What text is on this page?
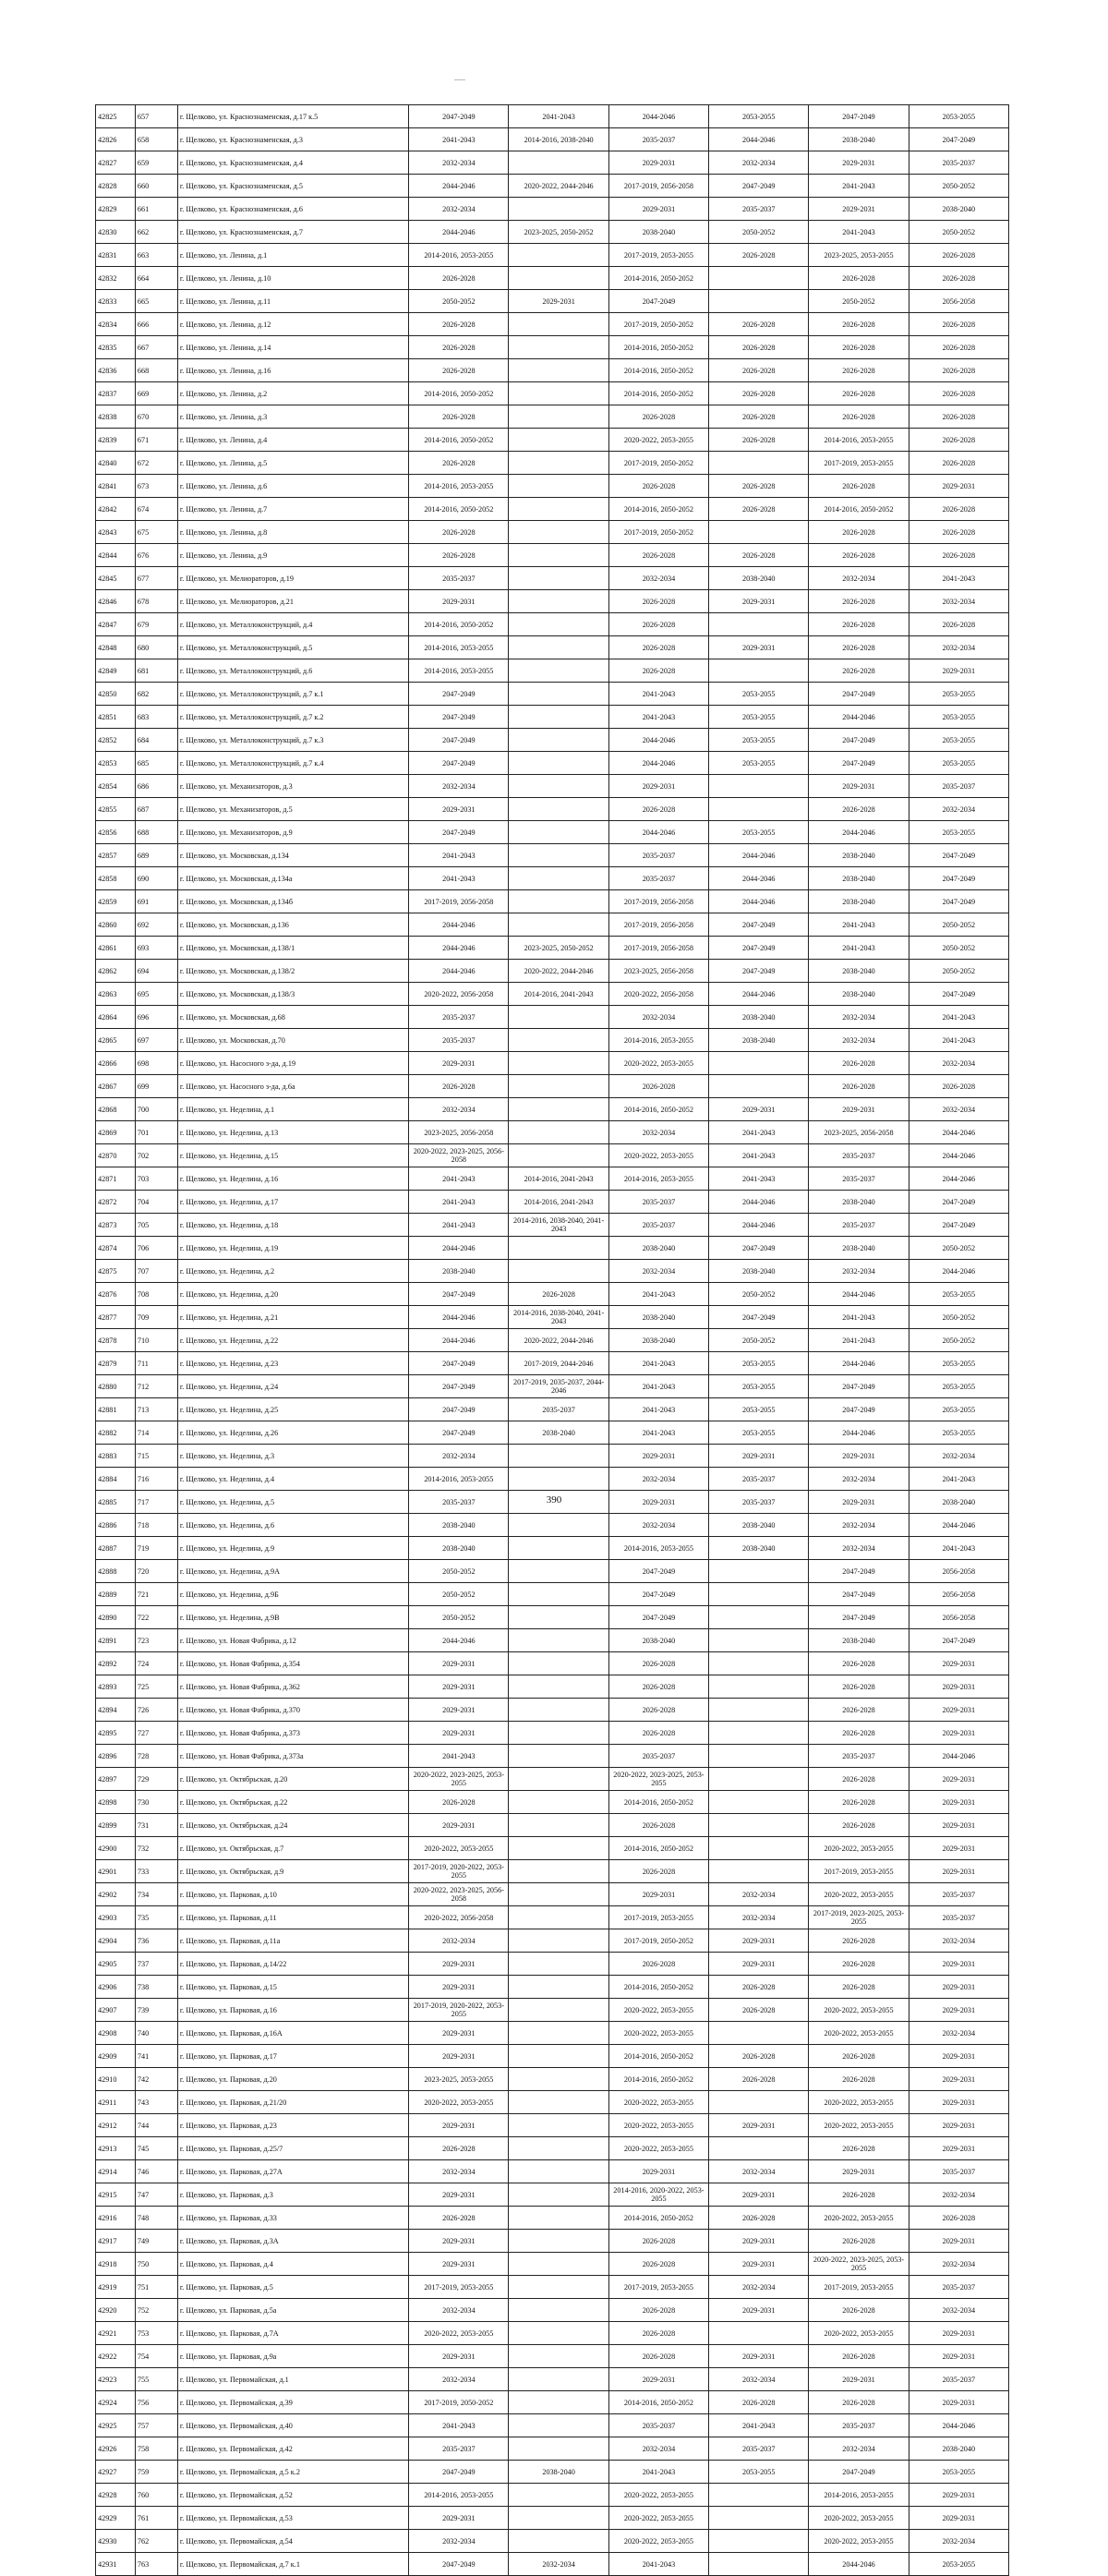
42825	657	г. Щелково, ул. Краснознаменская, д.17 к.5	2047-2049	2041-2043	2044-2046	2053-2055	2047-2049	2053-2055
42826	658	г. Щелково, ул. Краснознаменская, д.3	2041-2043	2014-2016, 2038-2040	2035-2037	2044-2046	2038-2040	2047-2049
42827	659	г. Щелково, ул. Краснознаменская, д.4	2032-2034		2029-2031	2032-2034	2029-2031	2035-2037
42828	660	г. Щелково, ул. Краснознаменская, д.5	2044-2046	2020-2022, 2044-2046	2017-2019, 2056-2058	2047-2049	2041-2043	2050-2052
42829	661	г. Щелково, ул. Краснознаменская, д.6	2032-2034		2029-2031	2035-2037	2029-2031	2038-2040
42830	662	г. Щелково, ул. Краснознаменская, д.7	2044-2046	2023-2025, 2050-2052	2038-2040	2050-2052	2041-2043	2050-2052
42831	663	г. Щелково, ул. Ленина, д.1	2014-2016, 2053-2055		2017-2019, 2053-2055	2026-2028	2023-2025, 2053-2055	2026-2028
42832	664	г. Щелково, ул. Ленина, д.10	2026-2028		2014-2016, 2050-2052		2026-2028	2026-2028
42833	665	г. Щелково, ул. Ленина, д.11	2050-2052	2029-2031	2047-2049		2050-2052	2056-2058
42834	666	г. Щелково, ул. Ленина, д.12	2026-2028		2017-2019, 2050-2052	2026-2028	2026-2028	2026-2028
42835	667	г. Щелково, ул. Ленина, д.14	2026-2028		2014-2016, 2050-2052	2026-2028	2026-2028	2026-2028
42836	668	г. Щелково, ул. Ленина, д.16	2026-2028		2014-2016, 2050-2052	2026-2028	2026-2028	2026-2028
42837	669	г. Щелково, ул. Ленина, д.2	2014-2016, 2050-2052		2014-2016, 2050-2052	2026-2028	2026-2028	2026-2028
42838	670	г. Щелково, ул. Ленина, д.3	2026-2028		2026-2028	2026-2028	2026-2028	2026-2028
42839	671	г. Щелково, ул. Ленина, д.4	2014-2016, 2050-2052		2020-2022, 2053-2055	2026-2028	2014-2016, 2053-2055	2026-2028
42840	672	г. Щелково, ул. Ленина, д.5	2026-2028		2017-2019, 2050-2052		2017-2019, 2053-2055	2026-2028
42841	673	г. Щелково, ул. Ленина, д.6	2014-2016, 2053-2055		2026-2028	2026-2028	2026-2028	2029-2031
42842	674	г. Щелково, ул. Ленина, д.7	2014-2016, 2050-2052		2014-2016, 2050-2052	2026-2028	2014-2016, 2050-2052	2026-2028
42843	675	г. Щелково, ул. Ленина, д.8	2026-2028		2017-2019, 2050-2052		2026-2028	2026-2028
42844	676	г. Щелково, ул. Ленина, д.9	2026-2028		2026-2028	2026-2028	2026-2028	2026-2028
42845	677	г. Щелково, ул. Мелиораторов, д.19	2035-2037		2032-2034	2038-2040	2032-2034	2041-2043
42846	678	г. Щелково, ул. Мелиораторов, д.21	2029-2031		2026-2028	2029-2031	2026-2028	2032-2034
42847	679	г. Щелково, ул. Металлоконструкций, д.4	2014-2016, 2050-2052		2026-2028		2026-2028	2026-2028
42848	680	г. Щелково, ул. Металлоконструкций, д.5	2014-2016, 2053-2055		2026-2028	2029-2031	2026-2028	2032-2034
42849	681	г. Щелково, ул. Металлоконструкций, д.6	2014-2016, 2053-2055		2026-2028		2026-2028	2029-2031
42850	682	г. Щелково, ул. Металлоконструкций, д.7 к.1	2047-2049		2041-2043	2053-2055	2047-2049	2053-2055
42851	683	г. Щелково, ул. Металлоконструкций, д.7 к.2	2047-2049		2041-2043	2053-2055	2044-2046	2053-2055
42852	684	г. Щелково, ул. Металлоконструкций, д.7 к.3	2047-2049		2044-2046	2053-2055	2047-2049	2053-2055
42853	685	г. Щелково, ул. Металлоконструкций, д.7 к.4	2047-2049		2044-2046	2053-2055	2047-2049	2053-2055
42854	686	г. Щелково, ул. Механизаторов, д.3	2032-2034		2029-2031		2029-2031	2035-2037
42855	687	г. Щелково, ул. Механизаторов, д.5	2029-2031		2026-2028		2026-2028	2032-2034
42856	688	г. Щелково, ул. Механизаторов, д.9	2047-2049		2044-2046	2053-2055	2044-2046	2053-2055
42857	689	г. Щелково, ул. Московская, д.134	2041-2043		2035-2037	2044-2046	2038-2040	2047-2049
42858	690	г. Щелково, ул. Московская, д.134а	2041-2043		2035-2037	2044-2046	2038-2040	2047-2049
42859	691	г. Щелково, ул. Московская, д.134б	2017-2019, 2056-2058		2017-2019, 2056-2058	2044-2046	2038-2040	2047-2049
42860	692	г. Щелково, ул. Московская, д.136	2044-2046		2017-2019, 2056-2058	2047-2049	2041-2043	2050-2052
42861	693	г. Щелково, ул. Московская, д.138/1	2044-2046	2023-2025, 2050-2052	2017-2019, 2056-2058	2047-2049	2041-2043	2050-2052
42862	694	г. Щелково, ул. Московская, д.138/2	2044-2046	2020-2022, 2044-2046	2023-2025, 2056-2058	2047-2049	2038-2040	2050-2052
42863	695	г. Щелково, ул. Московская, д.138/3	2020-2022, 2056-2058	2014-2016, 2041-2043	2020-2022, 2056-2058	2044-2046	2038-2040	2047-2049
42864	696	г. Щелково, ул. Московская, д.68	2035-2037		2032-2034	2038-2040	2032-2034	2041-2043
42865	697	г. Щелково, ул. Московская, д.70	2035-2037		2014-2016, 2053-2055	2038-2040	2032-2034	2041-2043
42866	698	г. Щелково, ул. Насосного з-да, д.19	2029-2031		2020-2022, 2053-2055		2026-2028	2032-2034
42867	699	г. Щелково, ул. Насосного з-да, д.6а	2026-2028		2026-2028		2026-2028	2026-2028
42868	700	г. Щелково, ул. Неделина, д.1	2032-2034		2014-2016, 2050-2052	2029-2031	2029-2031	2032-2034
42869	701	г. Щелково, ул. Неделина, д.13	2023-2025, 2056-2058		2032-2034	2041-2043	2023-2025, 2056-2058	2044-2046
42870	702	г. Щелково, ул. Неделина, д.15	2020-2022, 2023-2025, 2056-2058		2020-2022, 2053-2055	2041-2043	2035-2037	2044-2046
42871	703	г. Щелково, ул. Неделина, д.16	2041-2043	2014-2016, 2041-2043	2014-2016, 2053-2055	2041-2043	2035-2037	2044-2046
42872	704	г. Щелково, ул. Неделина, д.17	2041-2043	2014-2016, 2041-2043	2035-2037	2044-2046	2038-2040	2047-2049
42873	705	г. Щелково, ул. Неделина, д.18	2041-2043	2014-2016, 2038-2040, 2041-2043	2035-2037	2044-2046	2035-2037	2047-2049
42874	706	г. Щелково, ул. Неделина, д.19	2044-2046		2038-2040	2047-2049	2038-2040	2050-2052
42875	707	г. Щелково, ул. Неделина, д.2	2038-2040		2032-2034	2038-2040	2032-2034	2044-2046
42876	708	г. Щелково, ул. Неделина, д.20	2047-2049	2026-2028	2041-2043	2050-2052	2044-2046	2053-2055
42877	709	г. Щелково, ул. Неделина, д.21	2044-2046	2014-2016, 2038-2040, 2041-2043	2038-2040	2047-2049	2041-2043	2050-2052
42878	710	г. Щелково, ул. Неделина, д.22	2044-2046	2020-2022, 2044-2046	2038-2040	2050-2052	2041-2043	2050-2052
42879	711	г. Щелково, ул. Неделина, д.23	2047-2049	2017-2019, 2044-2046	2041-2043	2053-2055	2044-2046	2053-2055
42880	712	г. Щелково, ул. Неделина, д.24	2047-2049	2017-2019, 2035-2037, 2044-2046	2041-2043	2053-2055	2047-2049	2053-2055
42881	713	г. Щелково, ул. Неделина, д.25	2047-2049	2035-2037	2041-2043	2053-2055	2047-2049	2053-2055
42882	714	г. Щелково, ул. Неделина, д.26	2047-2049	2038-2040	2041-2043	2053-2055	2044-2046	2053-2055
42883	715	г. Щелково, ул. Неделина, д.3	2032-2034		2029-2031	2029-2031	2029-2031	2032-2034
42884	716	г. Щелково, ул. Неделина, д.4	2014-2016, 2053-2055		2032-2034	2035-2037	2032-2034	2041-2043
42885	717	г. Щелково, ул. Неделина, д.5	2035-2037		2029-2031	2035-2037	2029-2031	2038-2040
42886	718	г. Щелково, ул. Неделина, д.6	2038-2040		2032-2034	2038-2040	2032-2034	2044-2046
42887	719	г. Щелково, ул. Неделина, д.9	2038-2040		2014-2016, 2053-2055	2038-2040	2032-2034	2041-2043
42888	720	г. Щелково, ул. Неделина, д.9А	2050-2052		2047-2049		2047-2049	2056-2058
42889	721	г. Щелково, ул. Неделина, д.9Б	2050-2052		2047-2049		2047-2049	2056-2058
42890	722	г. Щелково, ул. Неделина, д.9В	2050-2052		2047-2049		2047-2049	2056-2058
42891	723	г. Щелково, ул. Новая Фабрика, д.12	2044-2046		2038-2040		2038-2040	2047-2049
42892	724	г. Щелково, ул. Новая Фабрика, д.354	2029-2031		2026-2028		2026-2028	2029-2031
42893	725	г. Щелково, ул. Новая Фабрика, д.362	2029-2031		2026-2028		2026-2028	2029-2031
42894	726	г. Щелково, ул. Новая Фабрика, д.370	2029-2031		2026-2028		2026-2028	2029-2031
42895	727	г. Щелково, ул. Новая Фабрика, д.373	2029-2031		2026-2028		2026-2028	2029-2031
42896	728	г. Щелково, ул. Новая Фабрика, д.373а	2041-2043		2035-2037		2035-2037	2044-2046
42897	729	г. Щелково, ул. Октябрьская, д.20	2020-2022, 2023-2025, 2053-2055		2020-2022, 2023-2025, 2053-2055		2026-2028	2029-2031
42898	730	г. Щелково, ул. Октябрьская, д.22	2026-2028		2014-2016, 2050-2052		2026-2028	2029-2031
42899	731	г. Щелково, ул. Октябрьская, д.24	2029-2031		2026-2028		2026-2028	2029-2031
42900	732	г. Щелково, ул. Октябрьская, д.7	2020-2022, 2053-2055		2014-2016, 2050-2052		2020-2022, 2053-2055	2029-2031
42901	733	г. Щелково, ул. Октябрьская, д.9	2017-2019, 2020-2022, 2053-2055		2026-2028		2017-2019, 2053-2055	2029-2031
42902	734	г. Щелково, ул. Парковая, д.10	2020-2022, 2023-2025, 2056-2058		2029-2031	2032-2034	2020-2022, 2053-2055	2035-2037
42903	735	г. Щелково, ул. Парковая, д.11	2020-2022, 2056-2058		2017-2019, 2053-2055	2032-2034	2017-2019, 2023-2025, 2053-2055	2035-2037
42904	736	г. Щелково, ул. Парковая, д.11а	2032-2034		2017-2019, 2050-2052	2029-2031	2026-2028	2032-2034
42905	737	г. Щелково, ул. Парковая, д.14/22	2029-2031		2026-2028	2029-2031	2026-2028	2029-2031
42906	738	г. Щелково, ул. Парковая, д.15	2029-2031		2014-2016, 2050-2052	2026-2028	2026-2028	2029-2031
42907	739	г. Щелково, ул. Парковая, д.16	2017-2019, 2020-2022, 2053-2055		2020-2022, 2053-2055	2026-2028	2020-2022, 2053-2055	2029-2031
42908	740	г. Щелково, ул. Парковая, д.16А	2029-2031		2020-2022, 2053-2055		2020-2022, 2053-2055	2032-2034
42909	741	г. Щелково, ул. Парковая, д.17	2029-2031		2014-2016, 2050-2052	2026-2028	2026-2028	2029-2031
42910	742	г. Щелково, ул. Парковая, д.20	2023-2025, 2053-2055		2014-2016, 2050-2052	2026-2028	2026-2028	2029-2031
42911	743	г. Щелково, ул. Парковая, д.21/20	2020-2022, 2053-2055		2020-2022, 2053-2055		2020-2022, 2053-2055	2029-2031
42912	744	г. Щелково, ул. Парковая, д.23	2029-2031		2020-2022, 2053-2055	2029-2031	2020-2022, 2053-2055	2029-2031
42913	745	г. Щелково, ул. Парковая, д.25/7	2026-2028		2020-2022, 2053-2055		2026-2028	2029-2031
42914	746	г. Щелково, ул. Парковая, д.27А	2032-2034		2029-2031	2032-2034	2029-2031	2035-2037
42915	747	г. Щелково, ул. Парковая, д.3	2029-2031		2014-2016, 2020-2022, 2053-2055	2029-2031	2026-2028	2032-2034
42916	748	г. Щелково, ул. Парковая, д.33	2026-2028		2014-2016, 2050-2052	2026-2028	2020-2022, 2053-2055	2026-2028
42917	749	г. Щелково, ул. Парковая, д.3А	2029-2031		2026-2028	2029-2031	2026-2028	2029-2031
42918	750	г. Щелково, ул. Парковая, д.4	2029-2031		2026-2028	2029-2031	2020-2022, 2023-2025, 2053-2055	2032-2034
42919	751	г. Щелково, ул. Парковая, д.5	2017-2019, 2053-2055		2017-2019, 2053-2055	2032-2034	2017-2019, 2053-2055	2035-2037
42920	752	г. Щелково, ул. Парковая, д.5а	2032-2034		2026-2028	2029-2031	2026-2028	2032-2034
42921	753	г. Щелково, ул. Парковая, д.7А	2020-2022, 2053-2055		2026-2028		2020-2022, 2053-2055	2029-2031
42922	754	г. Щелково, ул. Парковая, д.9а	2029-2031		2026-2028	2029-2031	2026-2028	2029-2031
42923	755	г. Щелково, ул. Первомайская, д.1	2032-2034		2029-2031	2032-2034	2029-2031	2035-2037
42924	756	г. Щелково, ул. Первомайская, д.39	2017-2019, 2050-2052		2014-2016, 2050-2052	2026-2028	2026-2028	2029-2031
42925	757	г. Щелково, ул. Первомайская, д.40	2041-2043		2035-2037	2041-2043	2035-2037	2044-2046
42926	758	г. Щелково, ул. Первомайская, д.42	2035-2037		2032-2034	2035-2037	2032-2034	2038-2040
42927	759	г. Щелково, ул. Первомайская, д.5 к.2	2047-2049	2038-2040	2041-2043	2053-2055	2047-2049	2053-2055
42928	760	г. Щелково, ул. Первомайская, д.52	2014-2016, 2053-2055		2020-2022, 2053-2055		2014-2016, 2053-2055	2029-2031
42929	761	г. Щелково, ул. Первомайская, д.53	2029-2031		2020-2022, 2053-2055		2020-2022, 2053-2055	2029-2031
42930	762	г. Щелково, ул. Первомайская, д.54	2032-2034		2020-2022, 2053-2055		2020-2022, 2053-2055	2032-2034
42931	763	г. Щелково, ул. Первомайская, д.7 к.1	2047-2049	2032-2034	2041-2043		2044-2046	2053-2055
390
